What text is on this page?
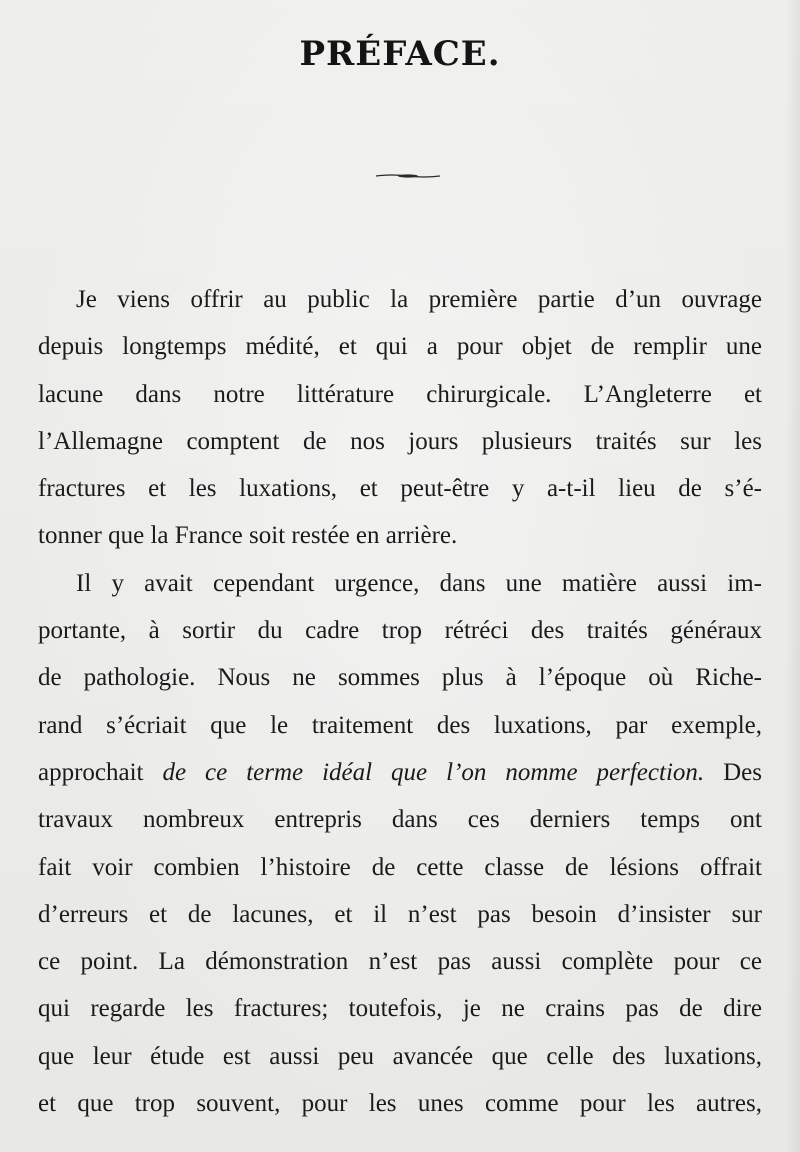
PRÉFACE.
Je viens offrir au public la première partie d’un ouvrage
depuis longtemps médité, et qui a pour objet de remplir une
lacune dans notre littérature chirurgicale. L’Angleterre et
l’Allemagne comptent de nos jours plusieurs traités sur les
fractures et les luxations, et peut-être y a-t-il lieu de s’é-
tonner que la France soit restée en arrière.
Il y avait cependant urgence, dans une matière aussi im-
portante, à sortir du cadre trop rétréci des traités généraux
de pathologie. Nous ne sommes plus à l’époque où Riche-
rand s’écriait que le traitement des luxations, par exemple,
approchait de ce terme idéal que l’on nomme perfection. Des
travaux nombreux entrepris dans ces derniers temps ont
fait voir combien l’histoire de cette classe de lésions offrait
d’erreurs et de lacunes, et il n’est pas besoin d’insister sur
ce point. La démonstration n’est pas aussi complète pour ce
qui regarde les fractures; toutefois, je ne crains pas de dire
que leur étude est aussi peu avancée que celle des luxations,
et que trop souvent, pour les unes comme pour les autres,
